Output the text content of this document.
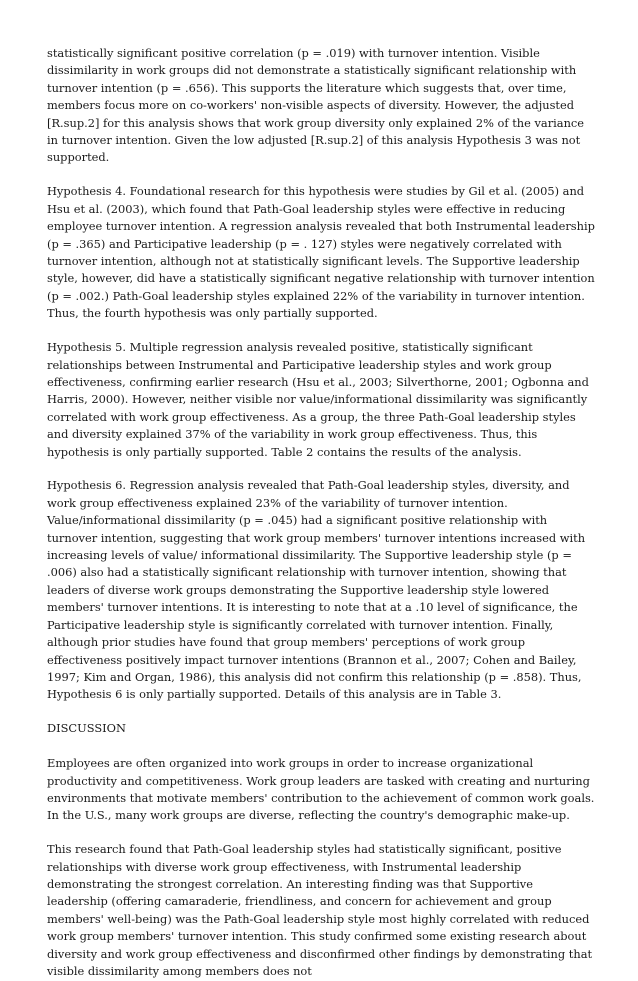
statistically significant positive correlation (p = .019) with turnover intention. Visible dissimilarity in work groups did not demonstrate a statistically significant relationship with turnover intention (p = .656). This supports the literature which suggests that, over time, members focus more on co-workers' non-visible aspects of diversity. However, the adjusted [R.sup.2] for this analysis shows that work group diversity only explained 2% of the variance in turnover intention. Given the low adjusted [R.sup.2] of this analysis Hypothesis 3 was not supported.

Hypothesis 4. Foundational research for this hypothesis were studies by Gil et al. (2005) and Hsu et al. (2003), which found that Path-Goal leadership styles were effective in reducing employee turnover intention. A regression analysis revealed that both Instrumental leadership (p = .365) and Participative leadership (p = . 127) styles were negatively correlated with turnover intention, although not at statistically significant levels. The Supportive leadership style, however, did have a statistically significant negative relationship with turnover intention (p = .002.) Path-Goal leadership styles explained 22% of the variability in turnover intention. Thus, the fourth hypothesis was only partially supported.

Hypothesis 5. Multiple regression analysis revealed positive, statistically significant relationships between Instrumental and Participative leadership styles and work group effectiveness, confirming earlier research (Hsu et al., 2003; Silverthorne, 2001; Ogbonna and Harris, 2000). However, neither visible nor value/informational dissimilarity was significantly correlated with work group effectiveness. As a group, the three Path-Goal leadership styles and diversity explained 37% of the variability in work group effectiveness. Thus, this hypothesis is only partially supported. Table 2 contains the results of the analysis.

Hypothesis 6. Regression analysis revealed that Path-Goal leadership styles, diversity, and work group effectiveness explained 23% of the variability of turnover intention. Value/informational dissimilarity (p = .045) had a significant positive relationship with turnover intention, suggesting that work group members' turnover intentions increased with increasing levels of value/ informational dissimilarity. The Supportive leadership style (p = .006) also had a statistically significant relationship with turnover intention, showing that leaders of diverse work groups demonstrating the Supportive leadership style lowered members' turnover intentions. It is interesting to note that at a .10 level of significance, the Participative leadership style is significantly correlated with turnover intention. Finally, although prior studies have found that group members' perceptions of work group effectiveness positively impact turnover intentions (Brannon et al., 2007; Cohen and Bailey, 1997; Kim and Organ, 1986), this analysis did not confirm this relationship (p = .858). Thus, Hypothesis 6 is only partially supported. Details of this analysis are in Table 3.

DISCUSSION

Employees are often organized into work groups in order to increase organizational productivity and competitiveness. Work group leaders are tasked with creating and nurturing environments that motivate members' contribution to the achievement of common work goals. In the U.S., many work groups are diverse, reflecting the country's demographic make-up.

This research found that Path-Goal leadership styles had statistically significant, positive relationships with diverse work group effectiveness, with Instrumental leadership demonstrating the strongest correlation. An interesting finding was that Supportive leadership (offering camaraderie, friendliness, and concern for achievement and group members' well-being) was the Path-Goal leadership style most highly correlated with reduced work group members' turnover intention. This study confirmed some existing research about diversity and work group effectiveness and disconfirmed other findings by demonstrating that visible dissimilarity among members does not
